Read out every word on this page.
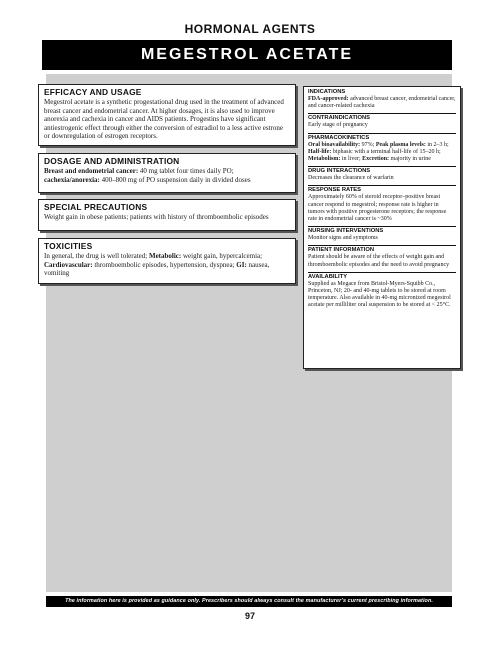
HORMONAL AGENTS
MEGESTROL ACETATE
EFFICACY AND USAGE

Megestrol acetate is a synthetic progestational drug used in the treatment of advanced breast cancer and endometrial cancer. At higher dosages, it is also used to improve anorexia and cachexia in cancer and AIDS patients. Progestins have significant antiestrogenic effect through either the conversion of estradiol to a less active estrone or downregulation of estrogen receptors.

DOSAGE AND ADMINISTRATION

Breast and endometrial cancer: 40 mg tablet four times daily PO; cachexia/anorexia: 400–800 mg of PO suspension daily in divided doses

SPECIAL PRECAUTIONS

Weight gain in obese patients; patients with history of thromboembolic episodes

TOXICITIES

In general, the drug is well tolerated; Metabolic: weight gain, hypercalcemia;
Cardiovascular: thromboembolic episodes, hypertension, dyspnea; GI: nausea, vomiting

INDICATIONS

FDA-approved: advanced breast cancer, endometrial cancer, and cancer-related cachexia

CONTRAINDICATIONS

Early stage of pregnancy

PHARMACOKINETICS

Oral bioavailability: 97%; Peak plasma levels: in 2–3 h; Half-life: biphasic with a terminal half-life of 15–20 h; Metabolism: in liver; Excretion: majority in urine

DRUG INTERACTIONS

Decreases the clearance of warfarin

RESPONSE RATES

Approximately 60% of steroid receptor–positive breast cancer respond to megestrol; response rate is higher in tumors with positive progesterone receptors; the response rate in endometrial cancer is ~30%

NURSING INTERVENTIONS

Monitor signs and symptoms

PATIENT INFORMATION

Patient should be aware of the effects of weight gain and thromboembolic episodes and the need to avoid pregnancy

AVAILABILITY

Supplied as Megace from Bristol-Myers-Squibb Co., Princeton, NJ; 20- and 40-mg tablets to be stored at room temperature. Also available in 40-mg micronized megestrol acetate per milliliter oral suspension to be stored at < 25°C.

The information here is provided as guidance only. Prescribers should always consult the manufacturer’s current prescribing information.
97
